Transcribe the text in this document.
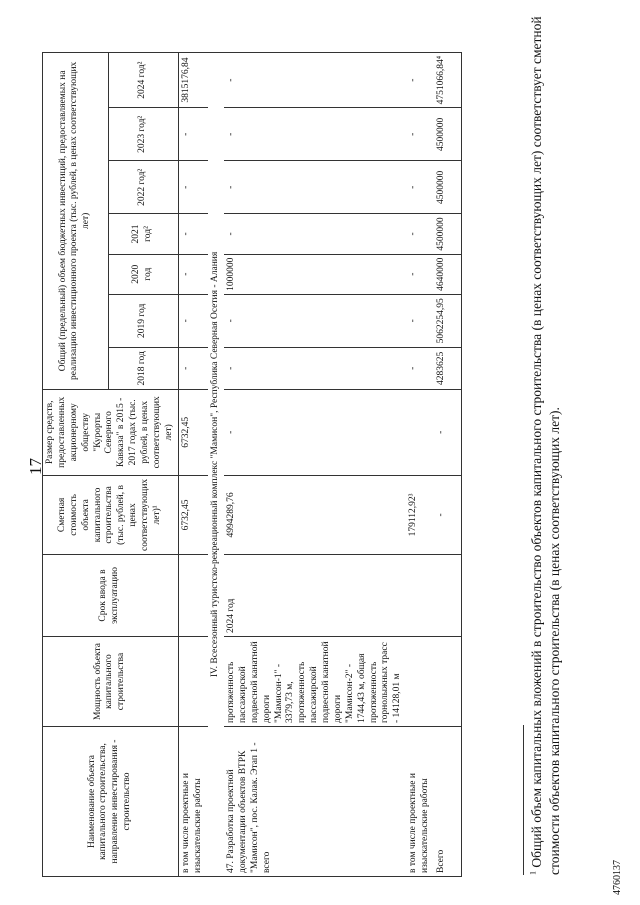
17
Наименование объекта капитального строительства, направление инвестирования - строительство	Мощность объекта капитального строительства	Срок ввода в эксплуатацию	Сметная стоимость объекта капитального строительства (тыс. рублей, в ценах соответствующих лет)¹	Размер средств, предоставленных акционерному обществу "Курорты Северного Кавказа" в 2015 - 2017 годах (тыс. рублей, в ценах соответствующих лет)	Общий (предельный) объем бюджетных инвестиций, предоставляемых на реализацию инвестиционного проекта (тыс. рублей, в ценах соответствующих лет)						
					2018 год	2019 год	2020 год	2021 год²	2022 год²	2023 год²	2024 год²
в том числе проектные и изыскательские работы			6732,45	6732,45	-	-	-	-	-	-	3815176,84
IV. Всесезонный туристско-рекреационный комплекс "Мамисон", Республика Северная Осетия - Алания											
47. Разработка проектной документации объектов ВТРК "Мамисон", пос. Калак. Этап 1 - всего	протяженность пассажирской подвесной канатной дороги "Мамисон-1" - 3379,73 м, протяженность пассажирской подвесной канатной дороги "Мамисон-2" - 1744,43 м, общая протяженность горнолыжных трасс - 14128,01 м	2024 год	4994289,76	-	-	-	1000000	-	-	-	-
в том числе проектные и изыскательские работы			179112,92³		-	-	-	-	-	-	-
Всего			-	-	4283625	5062254,95	4640000	4500000	4500000	4500000	4751066,84⁴
$^1$ Общий объем капитальных вложений в строительство объектов капитального строительства (в ценах соответствующих лет) соответствует сметной стоимости объектов капитального строительства (в ценах соответствующих лет).
4760137
